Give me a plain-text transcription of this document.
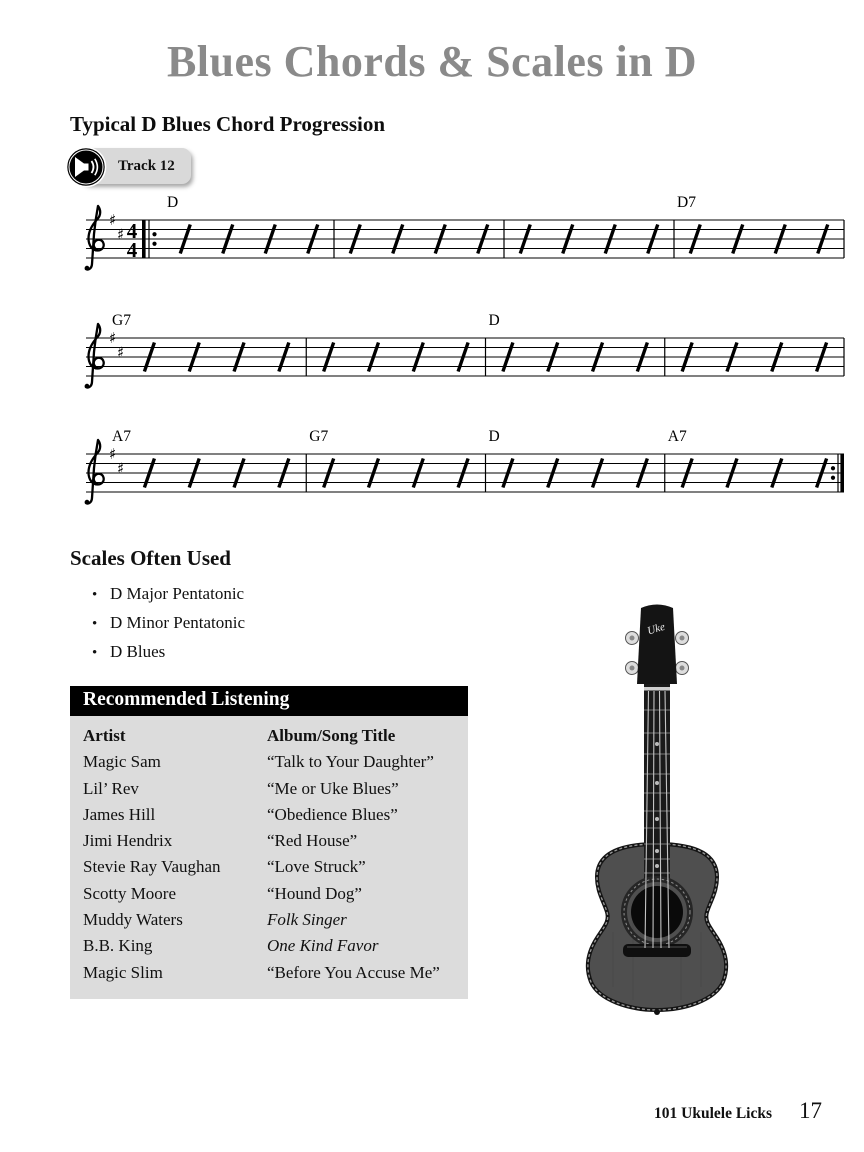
Blues Chords & Scales in D
Typical D Blues Chord Progression
Track 12
♯
♯ 4
4
D	D7
♯
♯
G7	D
♯
♯
A7	G7	D	A7
Scales Often Used
• D Major Pentatonic
• D Minor Pentatonic
• D Blues
Recommended Listening
Artist	Album/Song Title
Magic Sam	“Talk to Your Daughter”
Lil’ Rev	“Me or Uke Blues”
James Hill	“Obedience Blues”
Jimi Hendrix	“Red House”
Stevie Ray Vaughan	“Love Struck”
Scotty Moore	“Hound Dog”
Muddy Waters	Folk Singer
B.B. King	One Kind Favor
Magic Slim	“Before You Accuse Me”
Uke
101 Ukulele Licks 17
